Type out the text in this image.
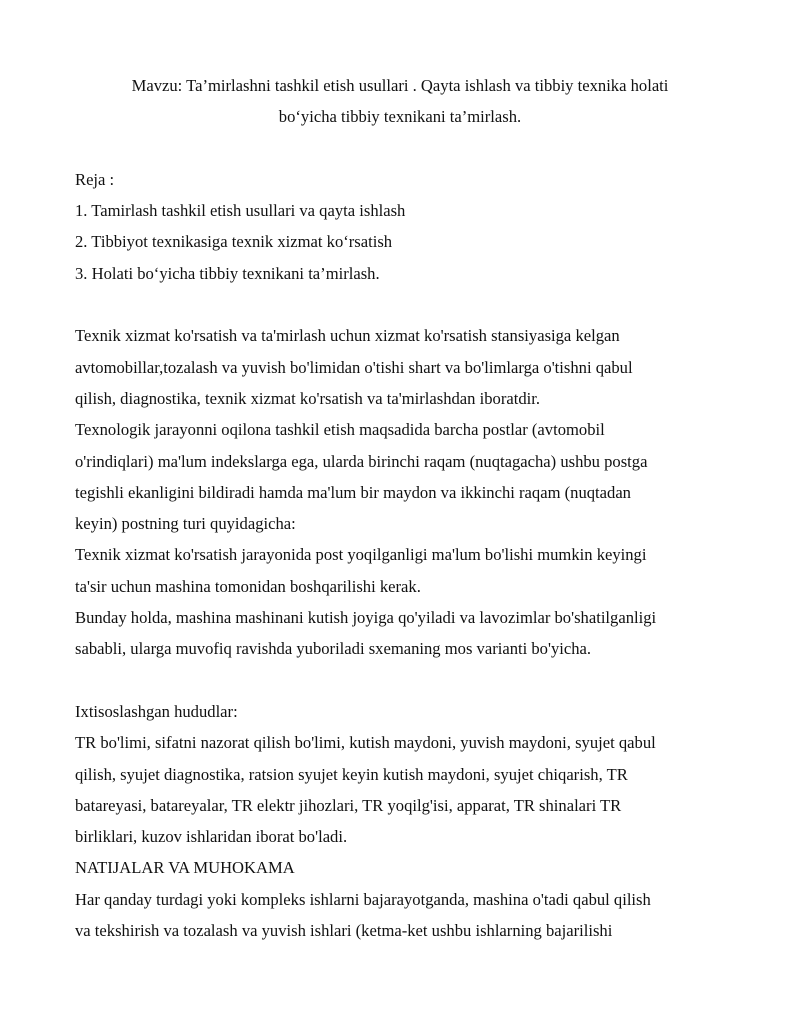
Mavzu: Ta’mirlashni tashkil etish usullari . Qayta ishlash va tibbiy texnika holati
bo‘yicha tibbiy texnikani ta’mirlash.
Reja :
1. Tamirlash tashkil etish usullari va qayta ishlash
2. Tibbiyot texnikasiga texnik xizmat ko‘rsatish
3. Holati bo‘yicha tibbiy texnikani ta’mirlash.

Texnik xizmat ko'rsatish va ta'mirlash uchun xizmat ko'rsatish stansiyasiga kelgan
avtomobillar,tozalash va yuvish bo'limidan o'tishi shart va bo'limlarga o'tishni qabul
qilish, diagnostika, texnik xizmat ko'rsatish va ta'mirlashdan iboratdir.

Texnologik jarayonni oqilona tashkil etish maqsadida barcha postlar (avtomobil
o'rindiqlari) ma'lum indekslarga ega, ularda birinchi raqam (nuqtagacha) ushbu postga
tegishli ekanligini bildiradi hamda ma'lum bir maydon va ikkinchi raqam (nuqtadan
keyin) postning turi quyidagicha:

Texnik xizmat ko'rsatish jarayonida post yoqilganligi ma'lum bo'lishi mumkin keyingi
ta'sir uchun mashina tomonidan boshqarilishi kerak.

Bunday holda, mashina mashinani kutish joyiga qo'yiladi va lavozimlar bo'shatilganligi
sababli, ularga muvofiq ravishda yuboriladi sxemaning mos varianti bo'yicha.

Ixtisoslashgan hududlar:

TR bo'limi, sifatni nazorat qilish bo'limi, kutish maydoni, yuvish maydoni, syujet qabul
qilish, syujet diagnostika, ratsion syujet keyin kutish maydoni, syujet chiqarish, TR
batareyasi, batareyalar, TR elektr jihozlari, TR yoqilg'isi, apparat, TR shinalari TR
birliklari, kuzov ishlaridan iborat bo'ladi.

NATIJALAR VA MUHOKAMA

Har qanday turdagi yoki kompleks ishlarni bajarayotganda, mashina o'tadi qabul qilish
va tekshirish va tozalash va yuvish ishlari (ketma-ket ushbu ishlarning bajarilishi
